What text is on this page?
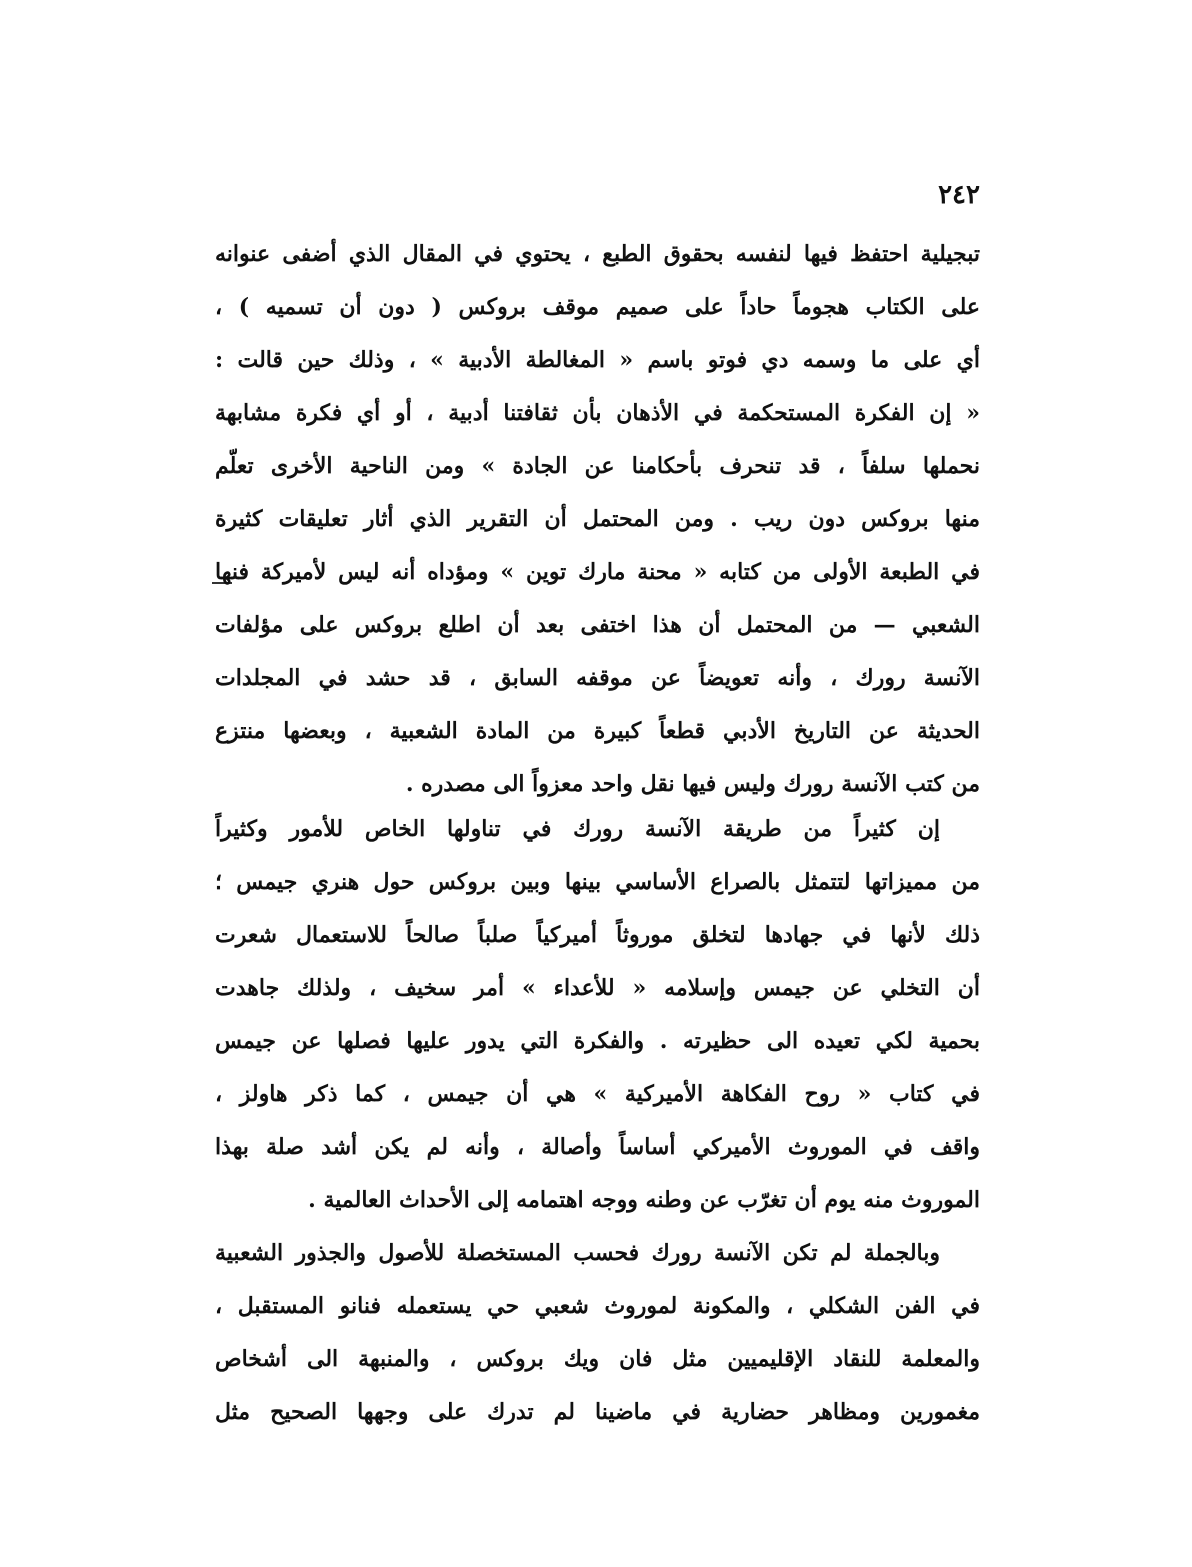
٢٤٢
تبجيلية احتفظ فيها لنفسه بحقوق الطبع ، يحتوي في المقال الذي أضفى عنوانه
على الكتاب هجوماً حاداً على صميم موقف بروكس ( دون أن تسميه ) ،
أي على ما وسمه دي فوتو باسم « المغالطة الأدبية » ، وذلك حين قالت :
« إن الفكرة المستحكمة في الأذهان بأن ثقافتنا أدبية ، أو أي فكرة مشابهة
نحملها سلفاً ، قد تنحرف بأحكامنا عن الجادة » ومن الناحية الأخرى تعلّم
منها بروكس دون ريب . ومن المحتمل أن التقرير الذي أثار تعليقات كثيرة
في الطبعة الأولى من كتابه « محنة مارك توين » ومؤداه أنه ليس لأميركة فنها
الشعبي — من المحتمل أن هذا اختفى بعد أن اطلع بروكس على مؤلفات
الآنسة رورك ، وأنه تعويضاً عن موقفه السابق ، قد حشد في المجلدات
الحديثة عن التاريخ الأدبي قطعاً كبيرة من المادة الشعبية ، وبعضها منتزع
من كتب الآنسة رورك وليس فيها نقل واحد معزواً الى مصدره .
إن كثيراً من طريقة الآنسة رورك في تناولها الخاص للأمور وكثيراً
من مميزاتها لتتمثل بالصراع الأساسي بينها وبين بروكس حول هنري جيمس ؛
ذلك لأنها في جهادها لتخلق موروثاً أميركياً صلباً صالحاً للاستعمال شعرت
أن التخلي عن جيمس وإسلامه « للأعداء » أمر سخيف ، ولذلك جاهدت
بحمية لكي تعيده الى حظيرته . والفكرة التي يدور عليها فصلها عن جيمس
في كتاب « روح الفكاهة الأميركية » هي أن جيمس ، كما ذكر هاولز ،
واقف في الموروث الأميركي أساساً وأصالة ، وأنه لم يكن أشد صلة بهذا
الموروث منه يوم أن تغرّب عن وطنه ووجه اهتمامه إلى الأحداث العالمية .
وبالجملة لم تكن الآنسة رورك فحسب المستخصلة للأصول والجذور الشعبية
في الفن الشكلي ، والمكونة لموروث شعبي حي يستعمله فنانو المستقبل ،
والمعلمة للنقاد الإقليميين مثل فان ويك بروكس ، والمنبهة الى أشخاص
مغمورين ومظاهر حضارية في ماضينا لم تدرك على وجهها الصحيح مثل
